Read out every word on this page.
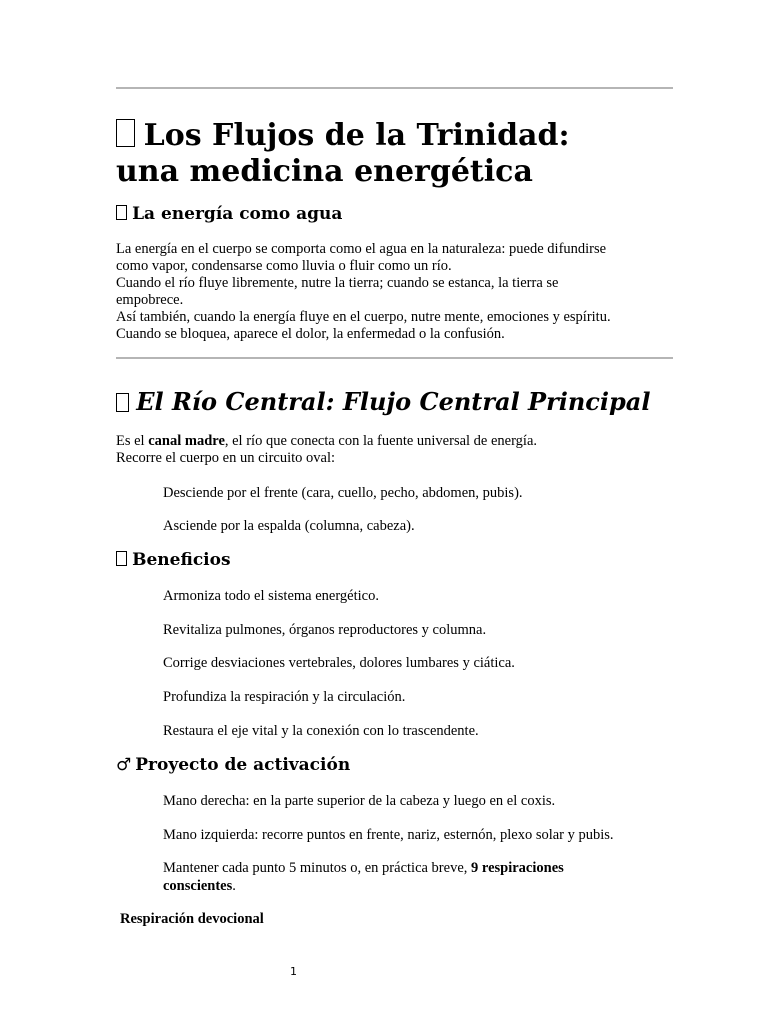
Los Flujos de la Trinidad:
una medicina energética
La energía como agua
La energía en el cuerpo se comporta como el agua en la naturaleza: puede difundirse
como vapor, condensarse como lluvia o fluir como un río.
Cuando el río fluye libremente, nutre la tierra; cuando se estanca, la tierra se
empobrece.
Así también, cuando la energía fluye en el cuerpo, nutre mente, emociones y espíritu.
Cuando se bloquea, aparece el dolor, la enfermedad o la confusión.
El Río Central: Flujo Central Principal
Es el canal madre, el río que conecta con la fuente universal de energía.
Recorre el cuerpo en un circuito oval:
Desciende por el frente (cara, cuello, pecho, abdomen, pubis).
Asciende por la espalda (columna, cabeza).
Beneficios
Armoniza todo el sistema energético.
Revitaliza pulmones, órganos reproductores y columna.
Corrige desviaciones vertebrales, dolores lumbares y ciática.
Profundiza la respiración y la circulación.
Restaura el eje vital y la conexión con lo trascendente.
♂ Proyecto de activación
Mano derecha: en la parte superior de la cabeza y luego en el coxis.
Mano izquierda: recorre puntos en frente, nariz, esternón, plexo solar y pubis.
Mantener cada punto 5 minutos o, en práctica breve, 9 respiraciones
conscientes.
Respiración devocional
1
